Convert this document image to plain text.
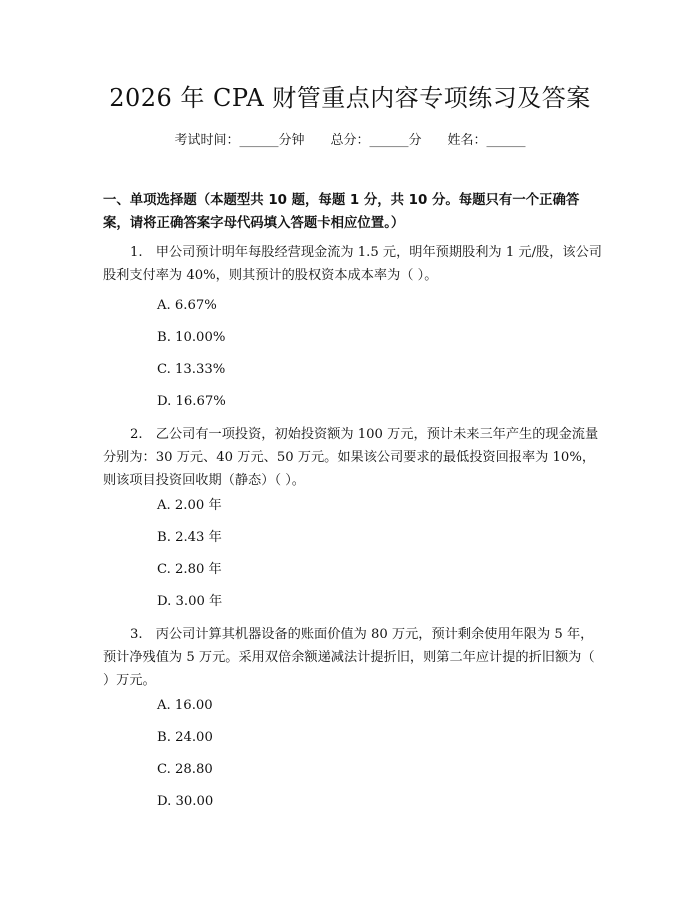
2026 年 CPA 财管重点内容专项练习及答案
考试时间：______分钟 总分：______分 姓名：______
一、单项选择题（本题型共 10 题，每题 1 分，共 10 分。每题只有一个正确答案，请将正确答案字母代码填入答题卡相应位置。）
1.　甲公司预计明年每股经营现金流为 1.5 元，明年预期股利为 1 元/股，该公司股利支付率为 40%，则其预计的股权资本成本率为（ ）。
A. 6.67%
B. 10.00%
C. 13.33%
D. 16.67%
2.　乙公司有一项投资，初始投资额为 100 万元，预计未来三年产生的现金流量分别为：30 万元、40 万元、50 万元。如果该公司要求的最低投资回报率为 10%，则该项目投资回收期（静态）（ ）。
A. 2.00 年
B. 2.43 年
C. 2.80 年
D. 3.00 年
3.　丙公司计算其机器设备的账面价值为 80 万元，预计剩余使用年限为 5 年，预计净残值为 5 万元。采用双倍余额递减法计提折旧，则第二年应计提的折旧额为（ ）万元。
A. 16.00
B. 24.00
C. 28.80
D. 30.00
